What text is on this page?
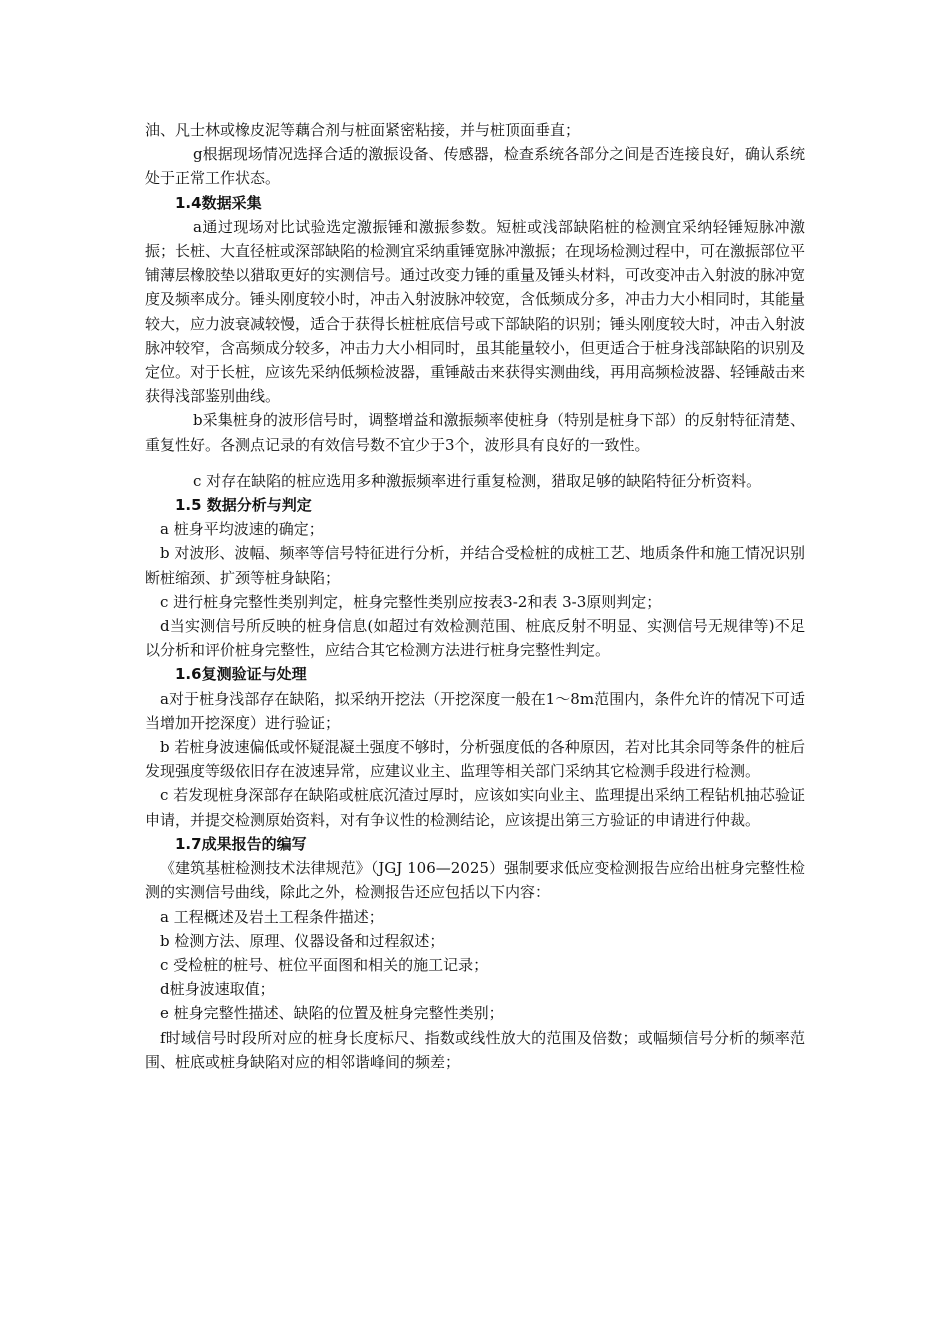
油、凡士林或橡皮泥等藕合剂与桩面紧密粘接，并与桩顶面垂直；

g根据现场情况选择合适的激振设备、传感器，检查系统各部分之间是否连接良好，确认系统处于正常工作状态。

1.4数据采集

a通过现场对比试验选定激振锤和激振参数。短桩或浅部缺陷桩的检测宜采纳轻锤短脉冲激振；长桩、大直径桩或深部缺陷的检测宜采纳重锤宽脉冲激振；在现场检测过程中，可在激振部位平铺薄层橡胶垫以猎取更好的实测信号。通过改变力锤的重量及锤头材料，可改变冲击入射波的脉冲宽度及频率成分。锤头刚度较小时，冲击入射波脉冲较宽，含低频成分多，冲击力大小相同时，其能量较大，应力波衰减较慢，适合于获得长桩桩底信号或下部缺陷的识别；锤头刚度较大时，冲击入射波脉冲较窄，含高频成分较多，冲击力大小相同时，虽其能量较小，但更适合于桩身浅部缺陷的识别及定位。对于长桩，应该先采纳低频检波器，重锤敲击来获得实测曲线，再用高频检波器、轻锤敲击来获得浅部鉴别曲线。

b采集桩身的波形信号时，调整增益和激振频率使桩身（特别是桩身下部）的反射特征清楚、重复性好。各测点记录的有效信号数不宜少于3个，波形具有良好的一致性。

c 对存在缺陷的桩应选用多种激振频率进行重复检测，猎取足够的缺陷特征分析资料。

1.5 数据分析与判定

a 桩身平均波速的确定；

b 对波形、波幅、频率等信号特征进行分析，并结合受检桩的成桩工艺、地质条件和施工情况识别断桩缩颈、扩颈等桩身缺陷；

c 进行桩身完整性类别判定，桩身完整性类别应按表3-2和表 3-3原则判定；

d当实测信号所反映的桩身信息(如超过有效检测范围、桩底反射不明显、实测信号无规律等)不足以分析和评价桩身完整性，应结合其它检测方法进行桩身完整性判定。

1.6复测验证与处理

a对于桩身浅部存在缺陷，拟采纳开挖法（开挖深度一般在1～8m范围内，条件允许的情况下可适当增加开挖深度）进行验证；

b 若桩身波速偏低或怀疑混凝土强度不够时，分析强度低的各种原因，若对比其余同等条件的桩后发现强度等级依旧存在波速异常，应建议业主、监理等相关部门采纳其它检测手段进行检测。

c 若发现桩身深部存在缺陷或桩底沉渣过厚时，应该如实向业主、监理提出采纳工程钻机抽芯验证申请，并提交检测原始资料，对有争议性的检测结论，应该提出第三方验证的申请进行仲裁。

1.7成果报告的编写

《建筑基桩检测技术法律规范》（JGJ 106—2025）强制要求低应变检测报告应给出桩身完整性检测的实测信号曲线，除此之外，检测报告还应包括以下内容：

a 工程概述及岩土工程条件描述；

b 检测方法、原理、仪器设备和过程叙述；

c 受检桩的桩号、桩位平面图和相关的施工记录；

d桩身波速取值；

e 桩身完整性描述、缺陷的位置及桩身完整性类别；

f时域信号时段所对应的桩身长度标尺、指数或线性放大的范围及倍数；或幅频信号分析的频率范围、桩底或桩身缺陷对应的相邻谐峰间的频差；
